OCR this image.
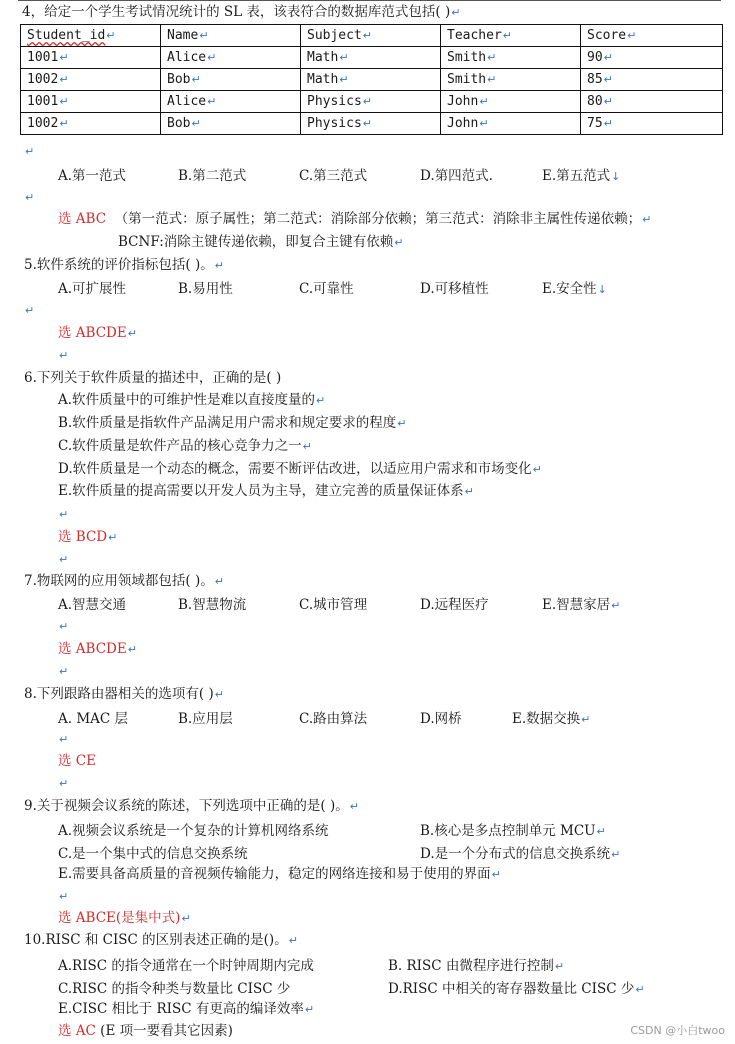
4，给定一个学生考试情况统计的 SL 表，该表符合的数据库范式包括( )↵
Student_id↵	Name↵	Subject↵	Teacher↵	Score↵
1001↵	Alice↵	Math↵	Smith↵	90↵
1002↵	Bob↵	Math↵	Smith↵	85↵
1001↵	Alice↵	Physics↵	John↵	80↵
1002↵	Bob↵	Physics↵	John↵	75↵
↵
A.第一范式	B.第二范式	C.第三范式	D.第四范式.	E.第五范式↓
↵
选 ABC （第一范式：原子属性；第二范式：消除部分依赖；第三范式：消除非主属性传递依赖；↵
BCNF:消除主键传递依赖，即复合主键有依赖↵
5.软件系统的评价指标包括( )。↵
A.可扩展性	B.易用性	C.可靠性	D.可移植性	E.安全性↓
↵
选 ABCDE↵
↵
6.下列关于软件质量的描述中，正确的是( )
A.软件质量中的可维护性是难以直接度量的↵
B.软件质量是指软件产品满足用户需求和规定要求的程度↵
C.软件质量是软件产品的核心竞争力之一↵
D.软件质量是一个动态的概念，需要不断评估改进，以适应用户需求和市场变化↵
E.软件质量的提高需要以开发人员为主导，建立完善的质量保证体系↵
↵
选 BCD↵
↵
7.物联网的应用领域都包括( )。↵
A.智慧交通	B.智慧物流	C.城市管理	D.远程医疗	E.智慧家居↵
↵
选 ABCDE↵
↵
8.下列跟路由器相关的选项有( )↵
A. MAC 层	B.应用层	C.路由算法	D.网桥	E.数据交换↵
↵
选 CE
↵
9.关于视频会议系统的陈述，下列选项中正确的是( )。↵
A.视频会议系统是一个复杂的计算机网络系统	B.核心是多点控制单元 MCU↵
C.是一个集中式的信息交换系统	D.是一个分布式的信息交换系统↵
E.需要具备高质量的音视频传输能力，稳定的网络连接和易于使用的界面↵
↵
选 ABCE(是集中式)↵
10.RISC 和 CISC 的区别表述正确的是()。↵
A.RISC 的指令通常在一个时钟周期内完成	B. RISC 由微程序进行控制↵
C.RISC 的指令种类与数量比 CISC 少	D.RISC 中相关的寄存器数量比 CISC 少↵
E.CISC 相比于 RISC 有更高的编译效率↵
选 AC (E 项一要看其它因素)	CSDN @小白twoo
